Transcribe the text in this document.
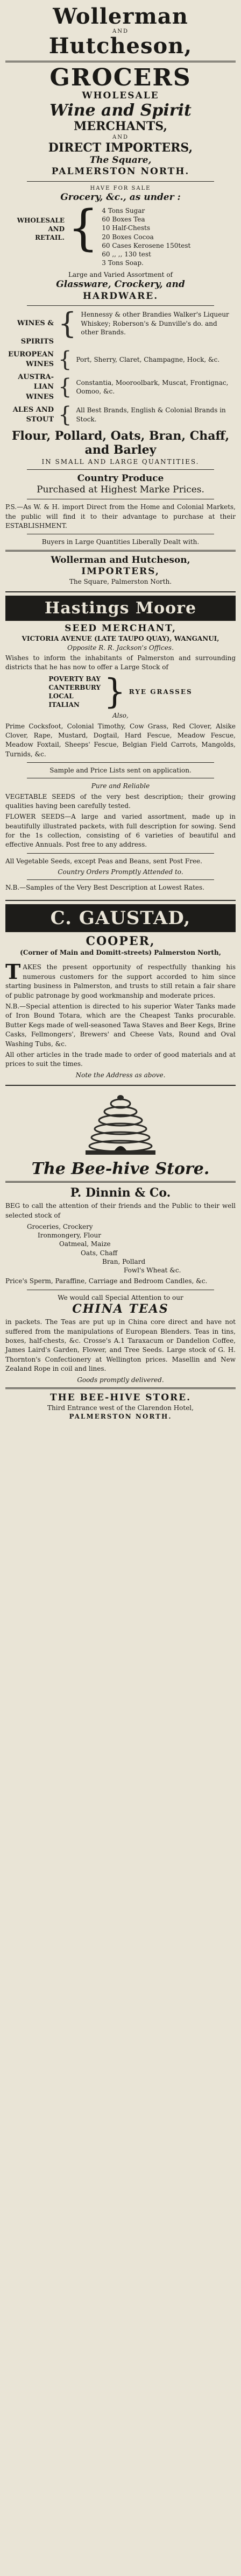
Wollerman
AND
Hutcheson,
GROCERS
WHOLESALE
Wine and Spirit
MERCHANTS,
AND
DIRECT IMPORTERS,
The Square,
PALMERSTON NORTH.
HAVE FOR SALE
Grocery, &c., as under :
WHOLESALE
AND
RETAIL. { 4 Tons Sugar
60 Boxes Tea
10 Half-Chests
20 Boxes Cocoa
60 Cases Kerosene 150test
60 ,, ,, 130 test
3 Tons Soap.
Large and Varied Assortment of
Glassware, Crockery, and
HARDWARE.
WINES & { Hennessy & other Brandies Walker's Liqueur Whiskey; Roberson's & Dunville's do. and other Brands.
SPIRITS
EUROPEAN WINES { Port, Sherry, Claret, Champagne, Hock, &c.
AUSTRA-LIAN WINES { Constantia, Mooroolbark, Muscat, Frontignac, Oomoo, &c.
ALES AND STOUT { All Best Brands, English & Colonial Brands in Stock.
Flour, Pollard, Oats, Bran, Chaff, and Barley
IN SMALL AND LARGE QUANTITIES.
Country Produce
Purchased at Highest Marke Prices.

P.S.—As W. & H. import Direct from the Home and Colonial Markets, the public will find it to their advantage to purchase at their ESTABLISHMENT.

Buyers in Large Quantities Liberally Dealt with.
Wollerman and Hutcheson,
IMPORTERS,
The Square, Palmerston North.
Hastings Moore
SEED MERCHANT,
VICTORIA AVENUE (LATE TAUPO QUAY), WANGANUI,
Opposite R. R. Jackson's Offices.

Wishes to inform the inhabitants of Palmerston and surrounding districts that he has now to offer a Large Stock of

POVERTY BAY
CANTERBURY
LOCAL
ITALIAN } RYE GRASSES
Also,

Prime Cocksfoot, Colonial Timothy, Cow Grass, Red Clover, Alsike Clover, Rape, Mustard, Dogtail, Hard Fescue, Meadow Fescue, Meadow Foxtail, Sheeps' Fescue, Belgian Field Carrots, Mangolds, Turnids, &c.

Sample and Price Lists sent on application.
Pure and Reliable

VEGETABLE SEEDS of the very best description; their growing qualities having been carefully tested.

FLOWER SEEDS—A large and varied assortment, made up in beautifully illustrated packets, with full description for sowing. Send for the 1s collection, consisting of 6 varieties of beautiful and effective Annuals. Post free to any address.

All Vegetable Seeds, except Peas and Beans, sent Post Free.

Country Orders Promptly Attended to.

N.B.—Samples of the Very Best Description at Lowest Rates.

C. GAUSTAD,
COOPER,
(Corner of Main and Domitt-streets) Palmerston North,

TAKES the present opportunity of respectfully thanking his numerous customers for the support accorded to him since starting business in Palmerston, and trusts to still retain a fair share of public patronage by good workmanship and moderate prices.

N.B.—Special attention is directed to his superior Water Tanks made of Iron Bound Totara, which are the Cheapest Tanks procurable. Butter Kegs made of well-seasoned Tawa Staves and Beer Kegs, Brine Casks, Fellmongers', Brewers' and Cheese Vats, Round and Oval Washing Tubs, &c.

All other articles in the trade made to order of good materials and at prices to suit the times.

Note the Address as above.
The Bee-hive Store.
P. Dinnin & Co.

BEG to call the attention of their friends and the Public to their well selected stock of

Groceries, Crockery
Ironmongery, Flour
Oatmeal, Maize
Oats, Chaff
Bran, Pollard
Fowl's Wheat &c.

Price's Sperm, Paraffine, Carriage and Bedroom Candles, &c.

We would call Special Attention to our
CHINA TEAS

in packets. The Teas are put up in China core direct and have not suffered from the manipulations of European Blenders. Teas in tins, boxes, half-chests, &c. Crosse's A.1 Taraxacum or Dandelion Coffee, James Laird's Garden, Flower, and Tree Seeds. Large stock of G. H. Thornton's Confectionery at Wellington prices. Masellin and New Zealand Rope in coil and lines.

Goods promptly delivered.
THE BEE-HIVE STORE.
Third Entrance west of the Clarendon Hotel,
PALMERSTON NORTH.
